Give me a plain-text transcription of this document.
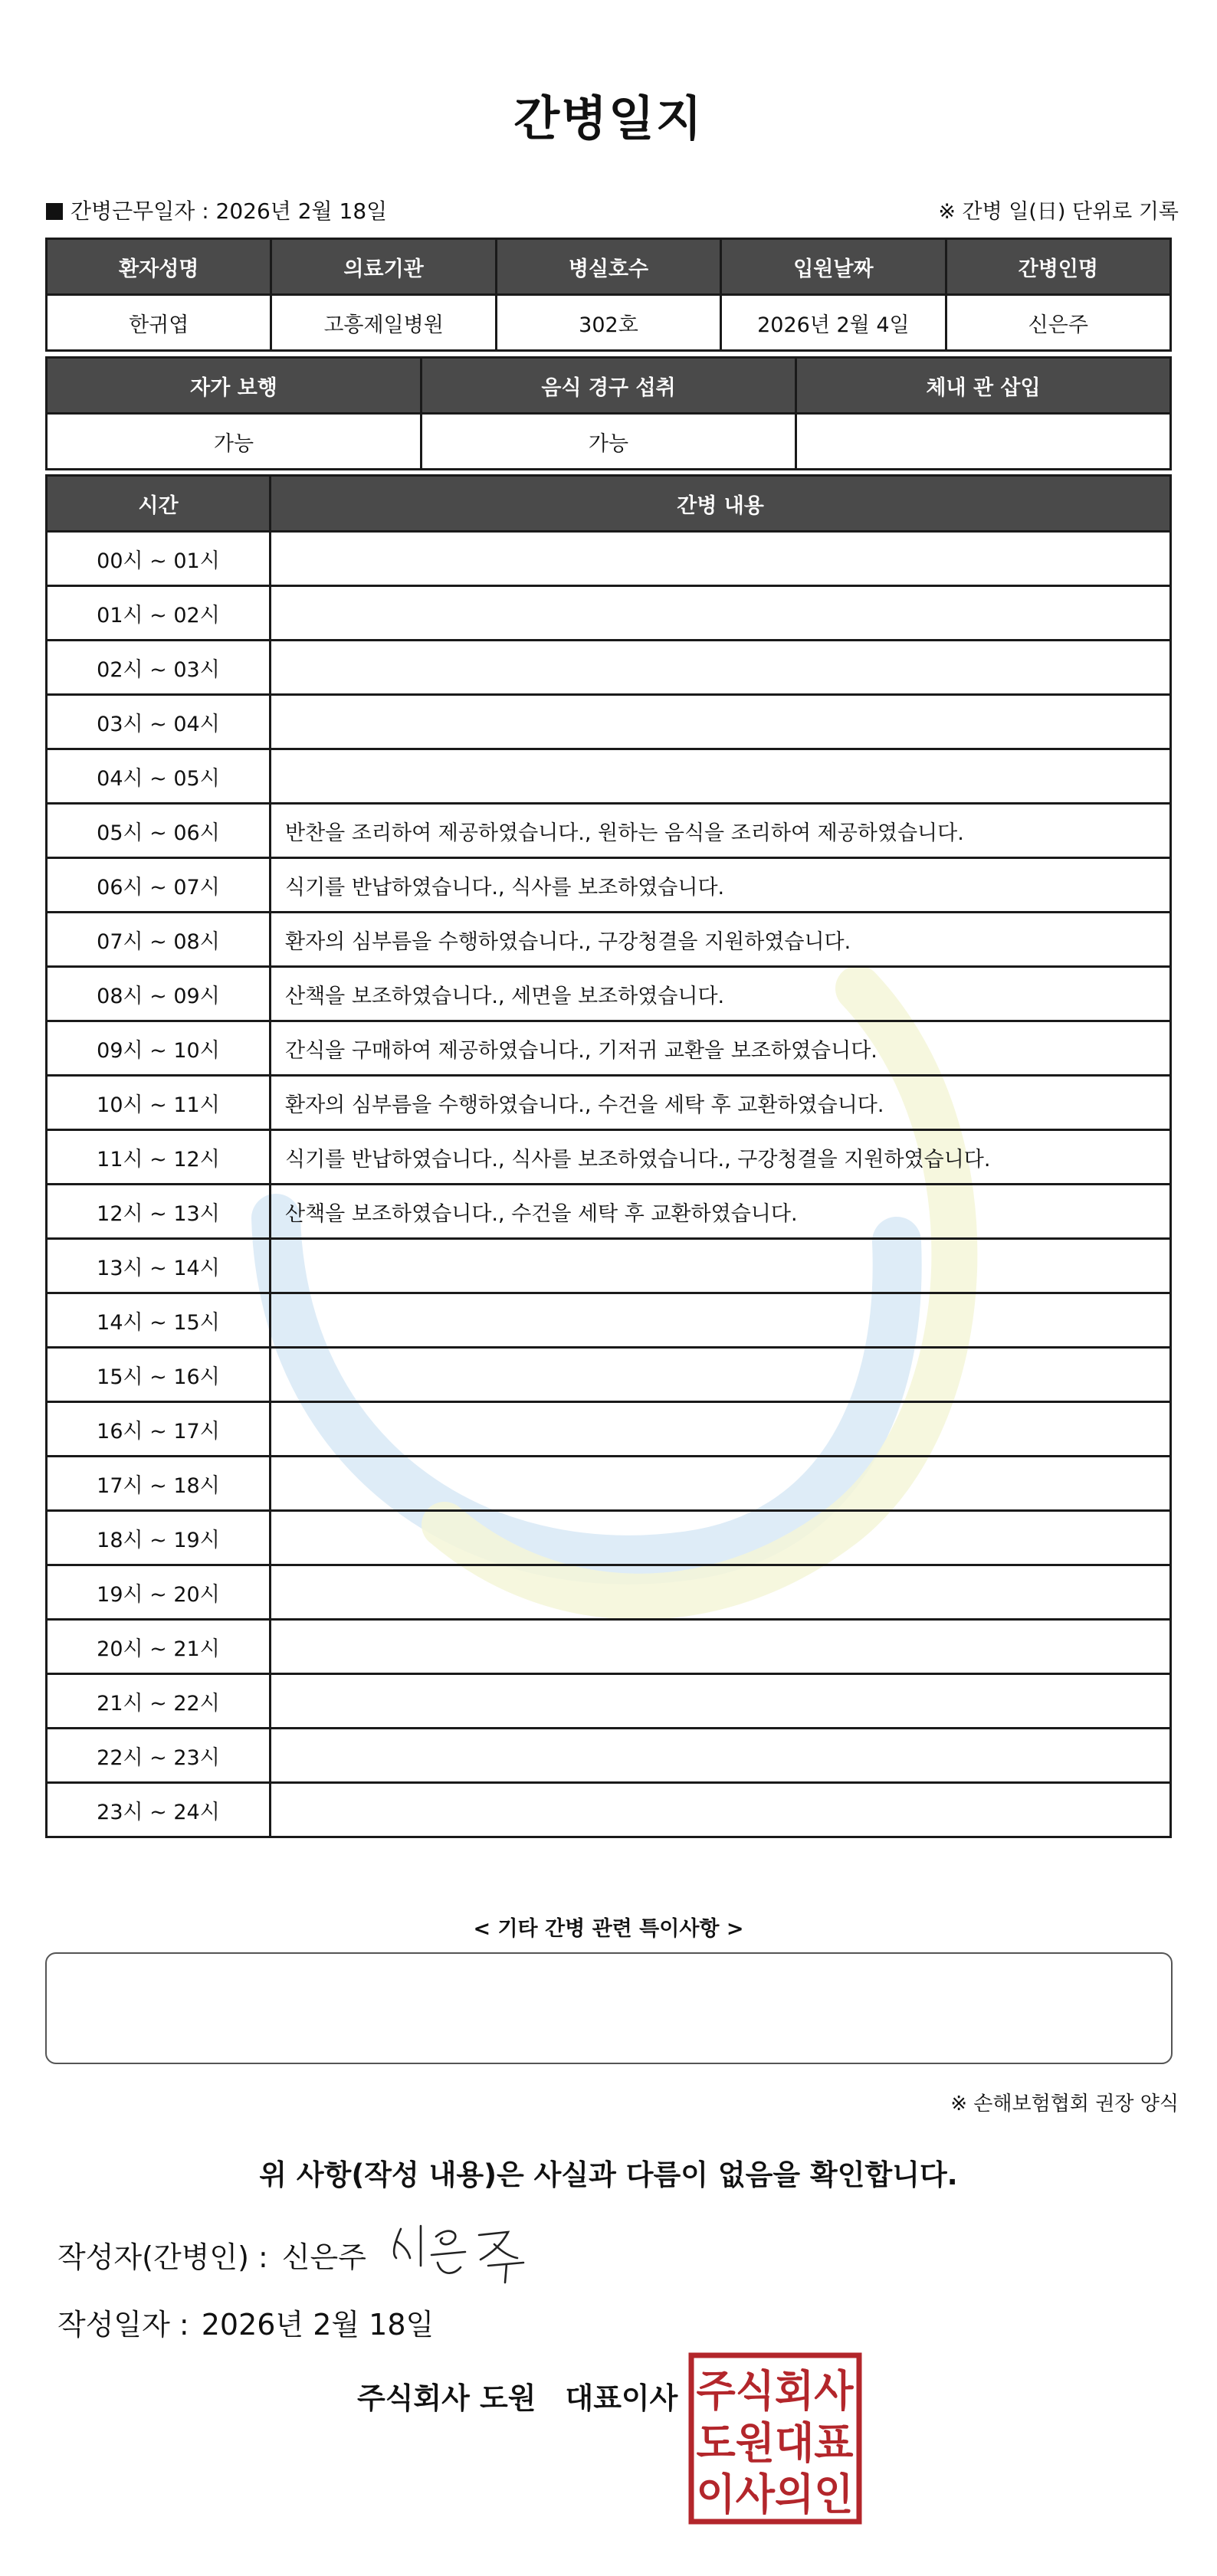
간병일지
간병근무일자 : 2026년 2월 18일	※ 간병 일(日) 단위로 기록
환자성명	의료기관	병실호수	입원날짜	간병인명
한귀엽	고흥제일병원	302호	2026년 2월 4일	신은주
자가 보행	음식 경구 섭취	체내 관 삽입
가능	가능	
시간	간병 내용
00시 ~ 01시	
01시 ~ 02시	
02시 ~ 03시	
03시 ~ 04시	
04시 ~ 05시	
05시 ~ 06시	반찬을 조리하여 제공하였습니다., 원하는 음식을 조리하여 제공하였습니다.
06시 ~ 07시	식기를 반납하였습니다., 식사를 보조하였습니다.
07시 ~ 08시	환자의 심부름을 수행하였습니다., 구강청결을 지원하였습니다.
08시 ~ 09시	산책을 보조하였습니다., 세면을 보조하였습니다.
09시 ~ 10시	간식을 구매하여 제공하였습니다., 기저귀 교환을 보조하였습니다.
10시 ~ 11시	환자의 심부름을 수행하였습니다., 수건을 세탁 후 교환하였습니다.
11시 ~ 12시	식기를 반납하였습니다., 식사를 보조하였습니다., 구강청결을 지원하였습니다.
12시 ~ 13시	산책을 보조하였습니다., 수건을 세탁 후 교환하였습니다.
13시 ~ 14시	
14시 ~ 15시	
15시 ~ 16시	
16시 ~ 17시	
17시 ~ 18시	
18시 ~ 19시	
19시 ~ 20시	
20시 ~ 21시	
21시 ~ 22시	
22시 ~ 23시	
23시 ~ 24시	
< 기타 간병 관련 특이사항 >
※ 손해보험협회 권장 양식
위 사항(작성 내용)은 사실과 다름이 없음을 확인합니다.
작성자(간병인) : 신은주
작성일자 : 2026년 2월 18일
주식회사 도원 대표이사 주식회사
도원대표
이사의인
